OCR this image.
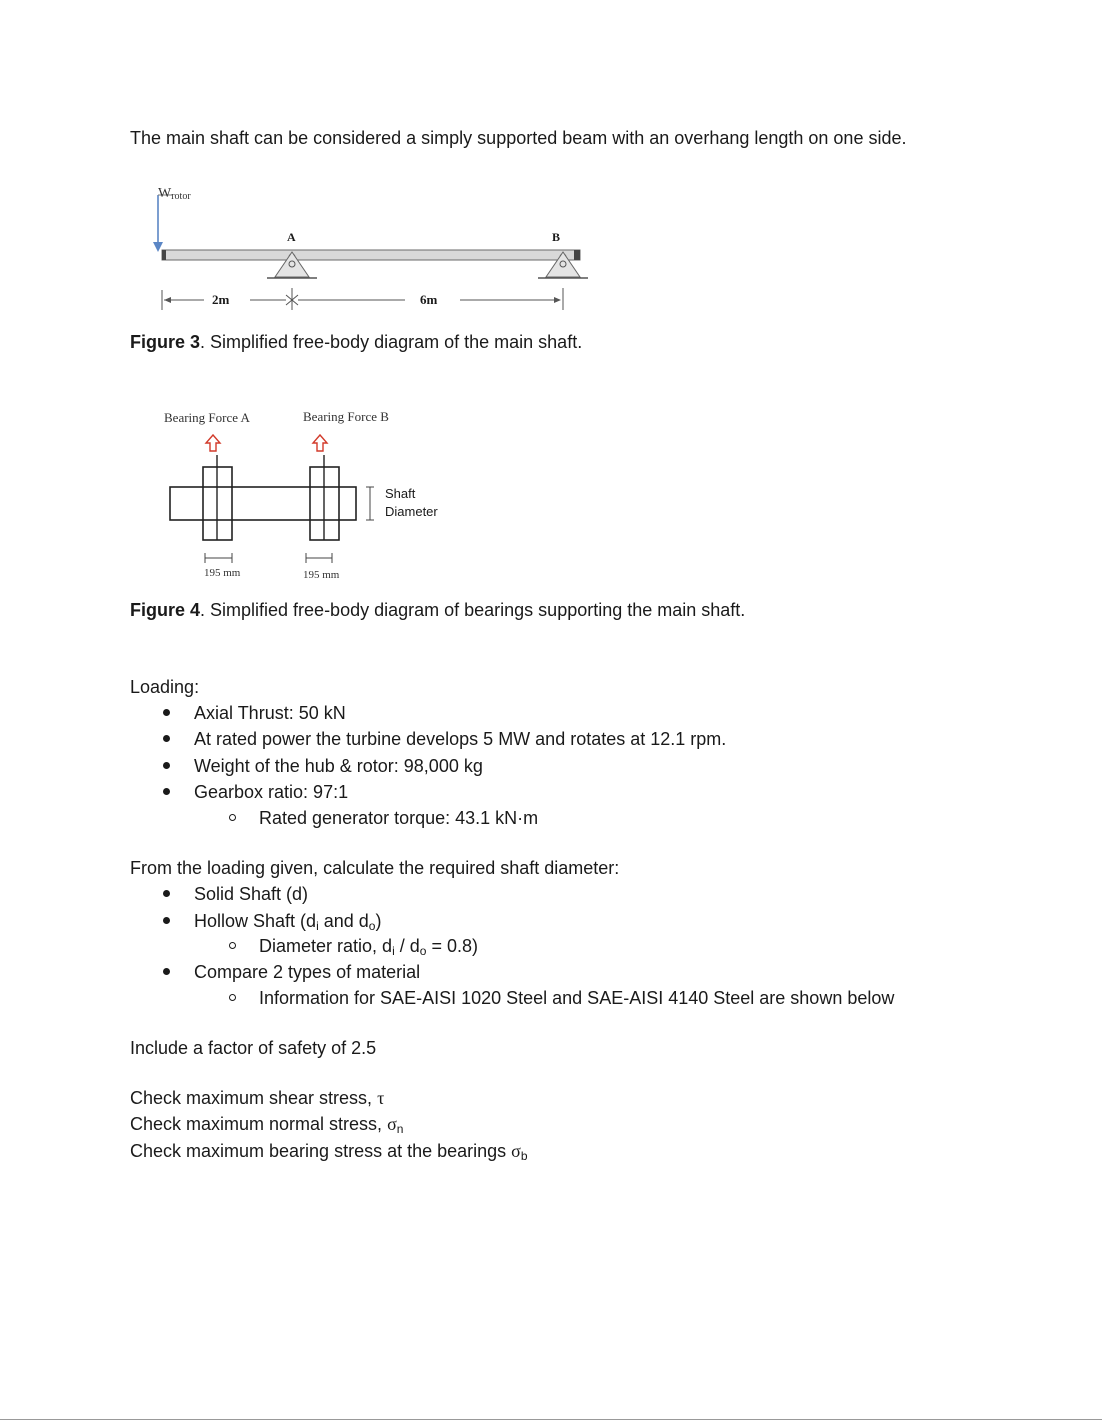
The main shaft can be considered a simply supported beam with an overhang length on one side.
Wrotor
A	B
2m	6m
Figure 3. Simplified free-body diagram of the main shaft.
Bearing Force A	Bearing Force B
Shaft
Diameter
195 mm	195 mm
Figure 4. Simplified free-body diagram of bearings supporting the main shaft.
Loading:
Axial Thrust: 50 kN
At rated power the turbine develops 5 MW and rotates at 12.1 rpm.
Weight of the hub & rotor: 98,000 kg
Gearbox ratio: 97:1
Rated generator torque: 43.1 kN·m
From the loading given, calculate the required shaft diameter:
Solid Shaft (d)
Hollow Shaft ($d_i$ and $d_o$)
Diameter ratio, $d_i / d_o = 0.8$)
Compare 2 types of material
Information for SAE-AISI 1020 Steel and SAE-AISI 4140 Steel are shown below
Include a factor of safety of 2.5
Check maximum shear stress, τ
Check maximum normal stress, $\sigma_n$
Check maximum bearing stress at the bearings $\sigma_b$
